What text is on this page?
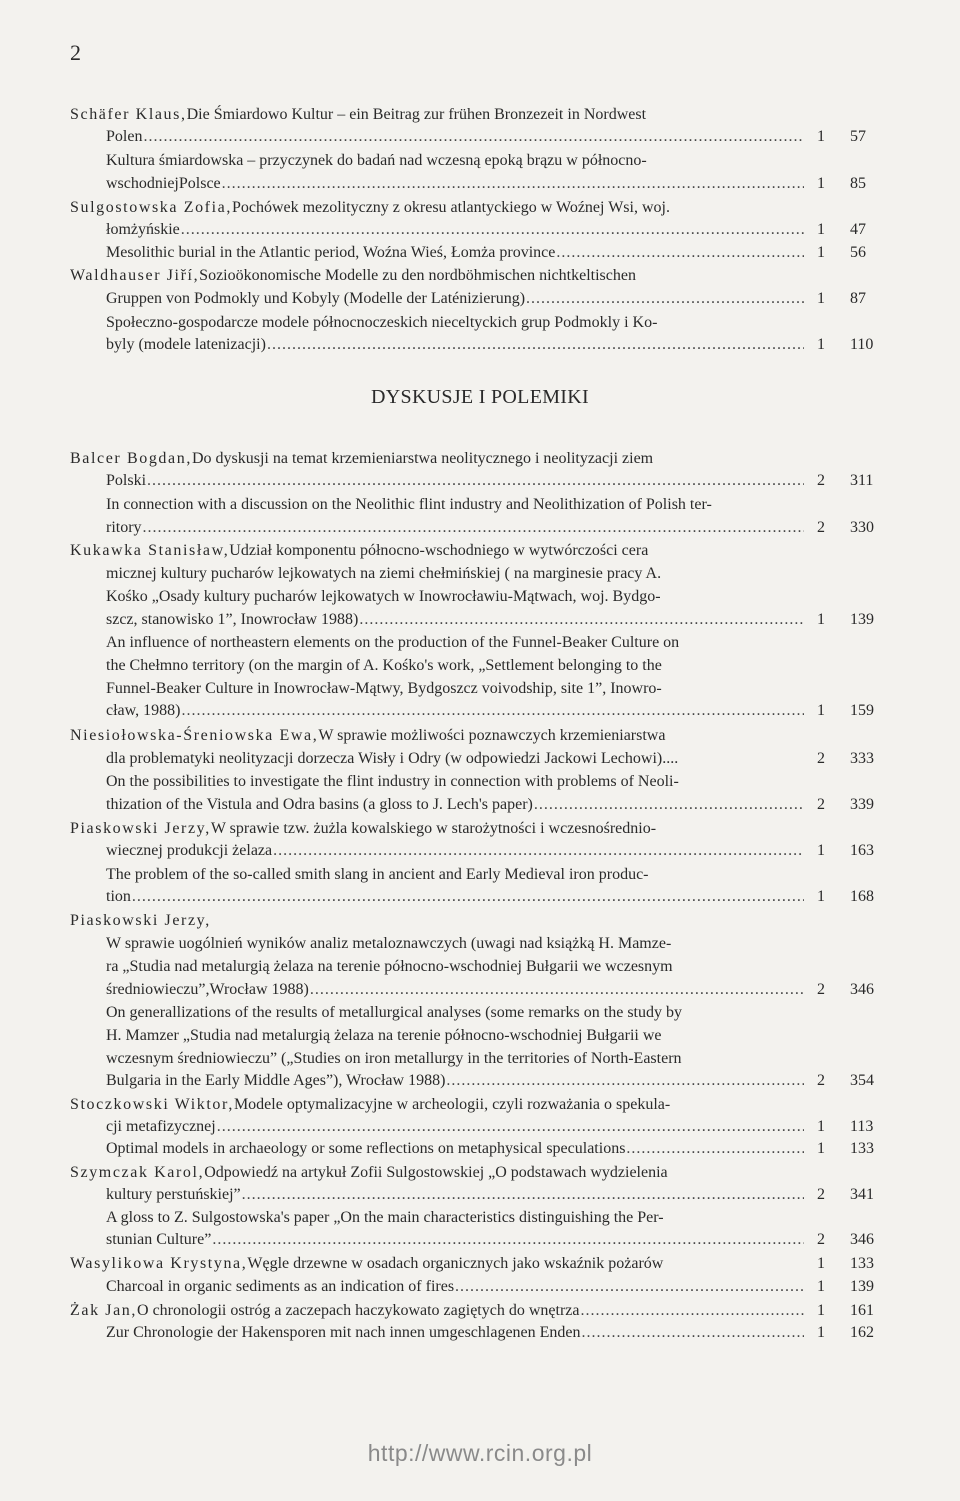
2
Schäfer Klaus, Die Śmiardowo Kultur – ein Beitrag zur frühen Bronzezeit in Nordwest
Polen .....	1	57
Kultura śmiardowska – przyczynek do badań nad wczesną epoką brązu w północno-
wschodniejPolsce .....	1	85
Sulgostowska Zofia, Pochówek mezolityczny z okresu atlantyckiego w Woźnej Wsi, woj.
łomżyńskie .....	1	47
Mesolithic burial in the Atlantic period, Woźna Wieś, Łomża province .....	1	56
Waldhauser Jiří, Sozioökonomische Modelle zu den nordböhmischen nichtkeltischen
Gruppen von Podmokly und Kobyly (Modelle der Laténizierung) .....	1	87
Społeczno-gospodarcze modele północnoczeskich nieceltyckich grup Podmokly i Ko-
byly (modele latenizacji) .....	1	110
Balcer Bogdan, Do dyskusji na temat krzemieniarstwa neolitycznego i neolityzacji ziem
Polski .....	2	311
In connection with a discussion on the Neolithic flint industry and Neolithization of Polish ter-
ritory .....	2	330
Kukawka Stanisław, Udział komponentu północno-wschodniego w wytwórczości cera
micznej kultury pucharów lejkowatych na ziemi chełmińskiej ( na marginesie pracy A.
Kośko „Osady kultury pucharów lejkowatych w Inowrocławiu-Mątwach, woj. Bydgo-
szcz, stanowisko 1”, Inowrocław 1988) .....	1	139
An influence of northeastern elements on the production of the Funnel-Beaker Culture on
the Chełmno territory (on the margin of A. Kośko's work, „Settlement belonging to the
Funnel-Beaker Culture in Inowrocław-Mątwy, Bydgoszcz voivodship, site 1”, Inowro-
cław, 1988) .....	1	159
Niesiołowska-Śreniowska Ewa, W sprawie możliwości poznawczych krzemieniarstwa
dla problematyki neolityzacji dorzecza Wisły i Odry (w odpowiedzi Jackowi Lechowi)....	2	333
On the possibilities to investigate the flint industry in connection with problems of Neoli-
thization of the Vistula and Odra basins (a gloss to J. Lech's paper) .....	2	339
Piaskowski Jerzy, W sprawie tzw. żużla kowalskiego w starożytności i wczesnośrednio-
wiecznej produkcji żelaza .....	1	163
The problem of the so-called smith slang in ancient and Early Medieval iron produc-
tion .....	1	168
Piaskowski Jerzy,
W sprawie uogólnień wyników analiz metaloznawczych (uwagi nad książką H. Mamze-
ra „Studia nad metalurgią żelaza na terenie północno-wschodniej Bułgarii we wczesnym
średniowieczu”,Wrocław 1988) .....	2	346
On generallizations of the results of metallurgical analyses (some remarks on the study by
H. Mamzer „Studia nad metalurgią żelaza na terenie północno-wschodniej Bułgarii we
wczesnym średniowieczu” („Studies on iron metallurgy in the territories of North-Eastern
Bulgaria in the Early Middle Ages”), Wrocław 1988) .....	2	354
Stoczkowski Wiktor, Modele optymalizacyjne w archeologii, czyli rozważania o spekula-
cji metafizycznej .....	1	113
Optimal models in archaeology or some reflections on metaphysical speculations .....	1	133
Szymczak Karol, Odpowiedź na artykuł Zofii Sulgostowskiej „O podstawach wydzielenia
kultury perstuńskiej” .....	2	341
A gloss to Z. Sulgostowska's paper „On the main characteristics distinguishing the Per-
stunian Culture” .....	2	346
Wasylikowa Krystyna, Węgle drzewne w osadach organicznych jako wskaźnik pożarów	1	133
Charcoal in organic sediments as an indication of fires .....	1	139
Żak Jan, O chronologii ostróg a zaczepach haczykowato zagiętych do wnętrza .....	1	161
Zur Chronologie der Hakensporen mit nach innen umgeschlagenen Enden .....	1	162
DYSKUSJE I POLEMIKI
http://www.rcin.org.pl
